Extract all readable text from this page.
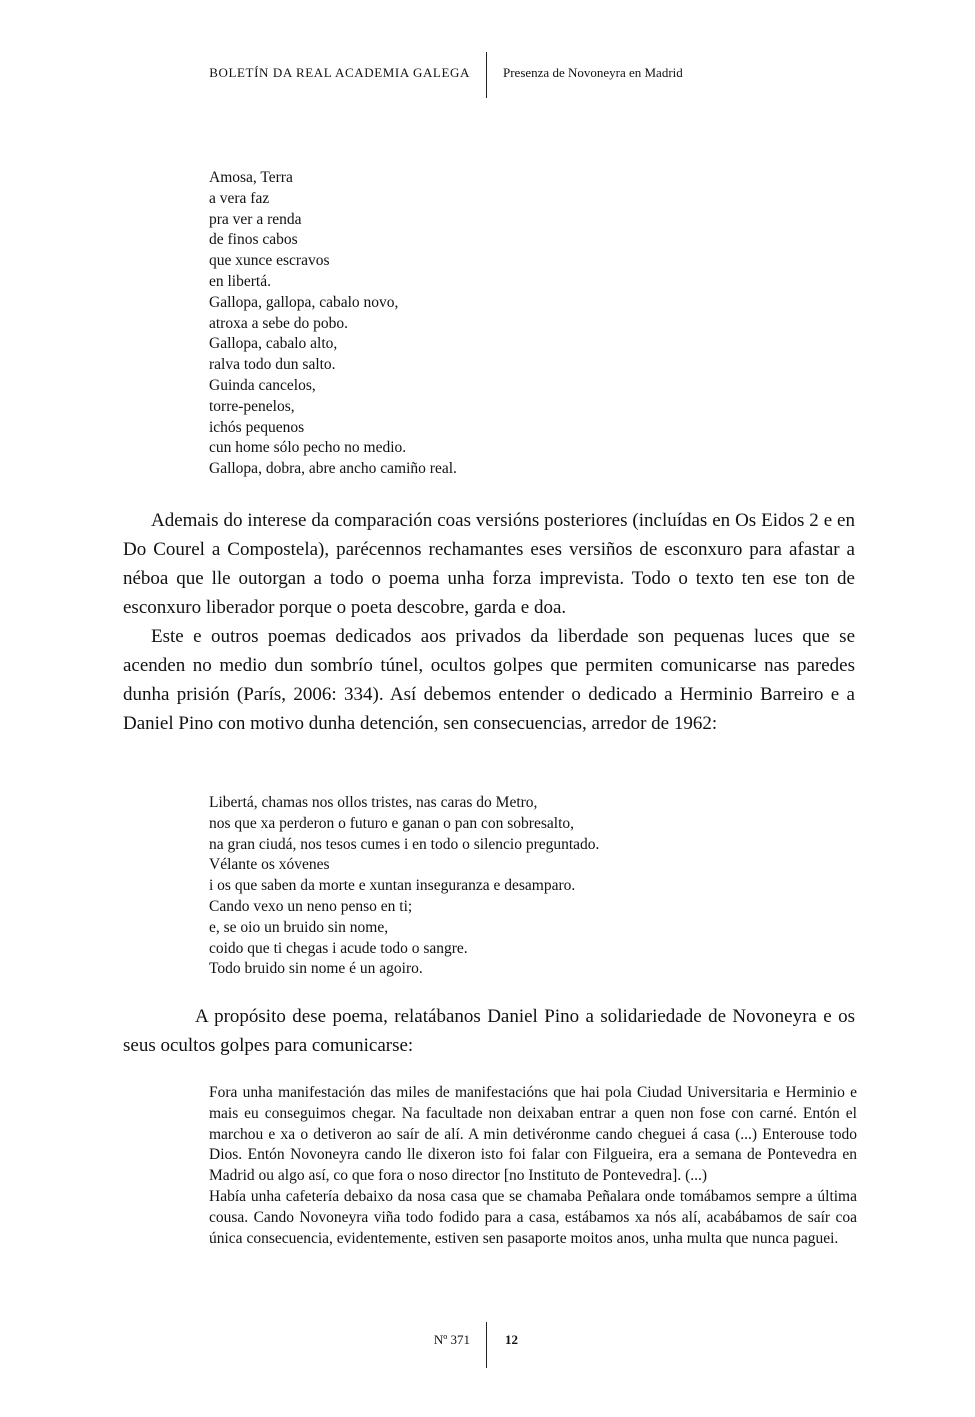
BOLETÍN DA REAL ACADEMIA GALEGA	Presenza de Novoneyra en Madrid
Amosa, Terra
a vera faz
pra ver a renda
de finos cabos
que xunce escravos
en libertá.
Gallopa, gallopa, cabalo novo,
atroxa a sebe do pobo.
Gallopa, cabalo alto,
ralva todo dun salto.
Guinda cancelos,
torre-penelos,
ichós pequenos
cun home sólo pecho no medio.
Gallopa, dobra, abre ancho camiño real.

Ademais do interese da comparación coas versións posteriores (incluídas en Os Eidos 2 e en Do Courel a Compostela), parécennos rechamantes eses versiños de esconxuro para afastar a néboa que lle outorgan a todo o poema unha forza imprevista. Todo o texto ten ese ton de esconxuro liberador porque o poeta descobre, garda e doa.

Este e outros poemas dedicados aos privados da liberdade son pequenas luces que se acenden no medio dun sombrío túnel, ocultos golpes que permiten comunicarse nas paredes dunha prisión (París, 2006: 334). Así debemos entender o dedicado a Herminio Barreiro e a Daniel Pino con motivo dunha detención, sen consecuencias, arredor de 1962:

Libertá, chamas nos ollos tristes, nas caras do Metro,
nos que xa perderon o futuro e ganan o pan con sobresalto,
na gran ciudá, nos tesos cumes i en todo o silencio preguntado.
Vélante os xóvenes
i os que saben da morte e xuntan inseguranza e desamparo.
Cando vexo un neno penso en ti;
e, se oio un bruido sin nome,
coido que ti chegas i acude todo o sangre.
Todo bruido sin nome é un agoiro.

A propósito dese poema, relatábanos Daniel Pino a solidariedade de Novoneyra e os seus ocultos golpes para comunicarse:

Fora unha manifestación das miles de manifestacións que hai pola Ciudad Universitaria e Herminio e mais eu conseguimos chegar. Na facultade non deixaban entrar a quen non fose con carné. Entón el marchou e xa o detiveron ao saír de alí. A min detivéronme cando cheguei á casa (...) Enterouse todo Dios. Entón Novoneyra cando lle dixeron isto foi falar con Filgueira, era a semana de Pontevedra en Madrid ou algo así, co que fora o noso director [no Instituto de Pontevedra]. (...)

Había unha cafetería debaixo da nosa casa que se chamaba Peñalara onde tomábamos sempre a última cousa. Cando Novoneyra viña todo fodido para a casa, estábamos xa nós alí, acabábamos de saír coa única consecuencia, evidentemente, estiven sen pasaporte moitos anos, unha multa que nunca paguei.

Nº 371	12
